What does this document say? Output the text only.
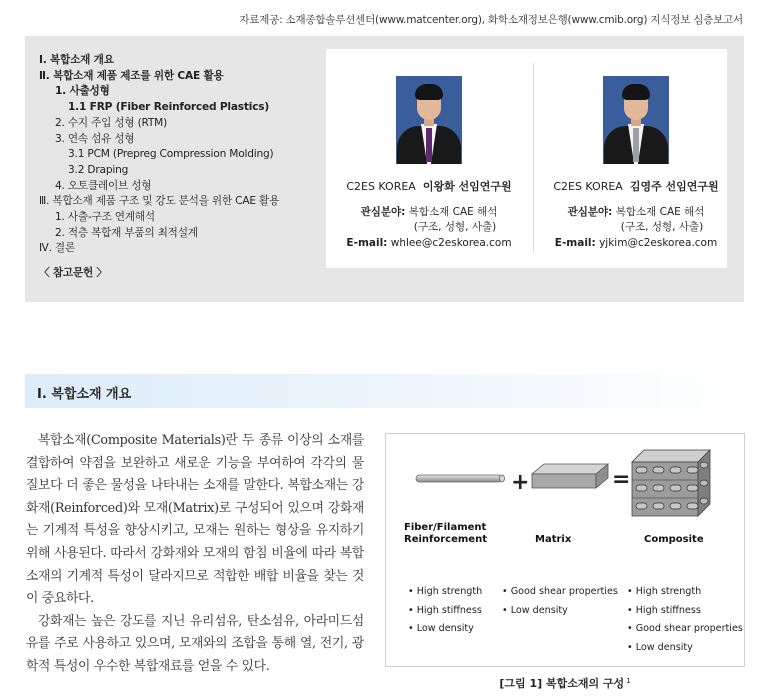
자료제공: 소재종합솔루션센터(www.matcenter.org), 화학소재정보은행(www.cmib.org) 지식정보 심층보고서
Ⅰ. 복합소재 개요
Ⅱ. 복합소재 제품 제조를 위한 CAE 활용
1. 사출성형
1.1 FRP (Fiber Reinforced Plastics)
2. 수지 주입 성형 (RTM)
3. 연속 섬유 성형
3.1 PCM (Prepreg Compression Molding)
3.2 Draping
4. 오토클레이브 성형
Ⅲ. 복합소재 제품 구조 및 강도 분석을 위한 CAE 활용
1. 사출-구조 연계해석
2. 적층 복합재 부품의 최적설계
Ⅳ. 결론
〈 참고문헌 〉
C2ES KOREA 이왕화 선임연구원
관심분야: 복합소재 CAE 해석
(구조, 성형, 사출)
E-mail: whlee@c2eskorea.com
C2ES KOREA 김영주 선임연구원
관심분야: 복합소재 CAE 해석
(구조, 성형, 사출)
E-mail: yjkim@c2eskorea.com
Ⅰ. 복합소재 개요

복합소재(Composite Materials)란 두 종류 이상의 소재를 결합하여 약점을 보완하고 새로운 기능을 부여하여 각각의 물질보다 더 좋은 물성을 나타내는 소재를 말한다. 복합소재는 강화재(Reinforced)와 모재(Matrix)로 구성되어 있으며 강화재는 기계적 특성을 향상시키고, 모재는 원하는 형상을 유지하기 위해 사용된다. 따라서 강화재와 모재의 함침 비율에 따라 복합소재의 기계적 특성이 달라지므로 적합한 배합 비율을 찾는 것이 중요하다.

강화재는 높은 강도를 지닌 유리섬유, 탄소섬유, 아라미드섬유를 주로 사용하고 있으며, 모재와의 조합을 통해 열, 전기, 광학적 특성이 우수한 복합재료를 얻을 수 있다.

+	=
Fiber/Filament
Reinforcement	Matrix	Composite
• High strength
• High stiffness
• Low density
• Good shear properties
• Low density
• High strength
• High stiffness
• Good shear properties
• Low density
[그림 1] 복합소재의 구성 $^1$
